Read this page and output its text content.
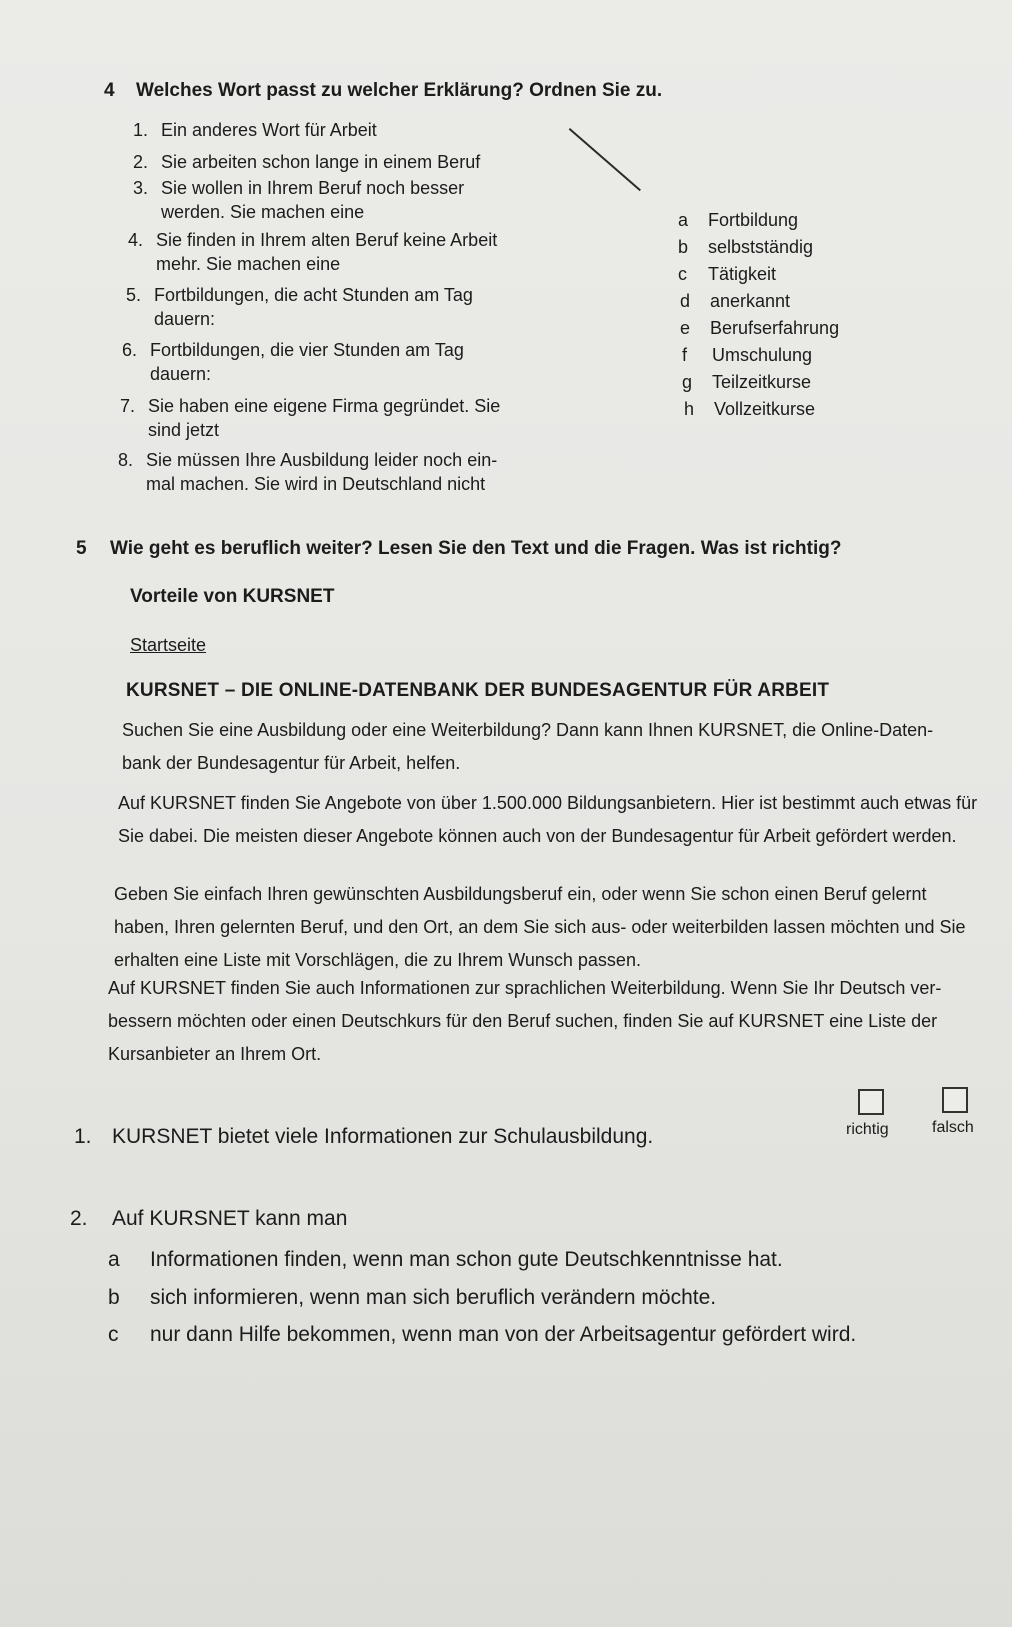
4 Welches Wort passt zu welcher Erklärung? Ordnen Sie zu.
1. Ein anderes Wort für Arbeit
2. Sie arbeiten schon lange in einem Beruf
3. Sie wollen in Ihrem Beruf noch besser
werden. Sie machen eine
4. Sie finden in Ihrem alten Beruf keine Arbeit
mehr. Sie machen eine
5. Fortbildungen, die acht Stunden am Tag
dauern:
6. Fortbildungen, die vier Stunden am Tag
dauern:
7. Sie haben eine eigene Firma gegründet. Sie
sind jetzt
8. Sie müssen Ihre Ausbildung leider noch ein-
mal machen. Sie wird in Deutschland nicht
a Fortbildung
b selbstständig
c Tätigkeit
d anerkannt
e Berufserfahrung
f Umschulung
g Teilzeitkurse
h Vollzeitkurse
5 Wie geht es beruflich weiter? Lesen Sie den Text und die Fragen. Was ist richtig?
Vorteile von KURSNET
Startseite
KURSNET – DIE ONLINE-DATENBANK DER BUNDESAGENTUR FÜR ARBEIT
Suchen Sie eine Ausbildung oder eine Weiterbildung? Dann kann Ihnen KURSNET, die Online-Daten-bank der Bundesagentur für Arbeit, helfen.
Auf KURSNET finden Sie Angebote von über 1.500.000 Bildungsanbietern. Hier ist bestimmt auch etwas für Sie dabei. Die meisten dieser Angebote können auch von der Bundesagentur für Arbeit gefördert werden.
Geben Sie einfach Ihren gewünschten Ausbildungsberuf ein, oder wenn Sie schon einen Beruf gelernt haben, Ihren gelernten Beruf, und den Ort, an dem Sie sich aus- oder weiterbilden lassen möchten und Sie erhalten eine Liste mit Vorschlägen, die zu Ihrem Wunsch passen.
Auf KURSNET finden Sie auch Informationen zur sprachlichen Weiterbildung. Wenn Sie Ihr Deutsch ver-bessern möchten oder einen Deutschkurs für den Beruf suchen, finden Sie auf KURSNET eine Liste der Kursanbieter an Ihrem Ort.
1. KURSNET bietet viele Informationen zur Schulausbildung.	richtig	falsch
2. Auf KURSNET kann man
a Informationen finden, wenn man schon gute Deutschkenntnisse hat.
b sich informieren, wenn man sich beruflich verändern möchte.
c nur dann Hilfe bekommen, wenn man von der Arbeitsagentur gefördert wird.
